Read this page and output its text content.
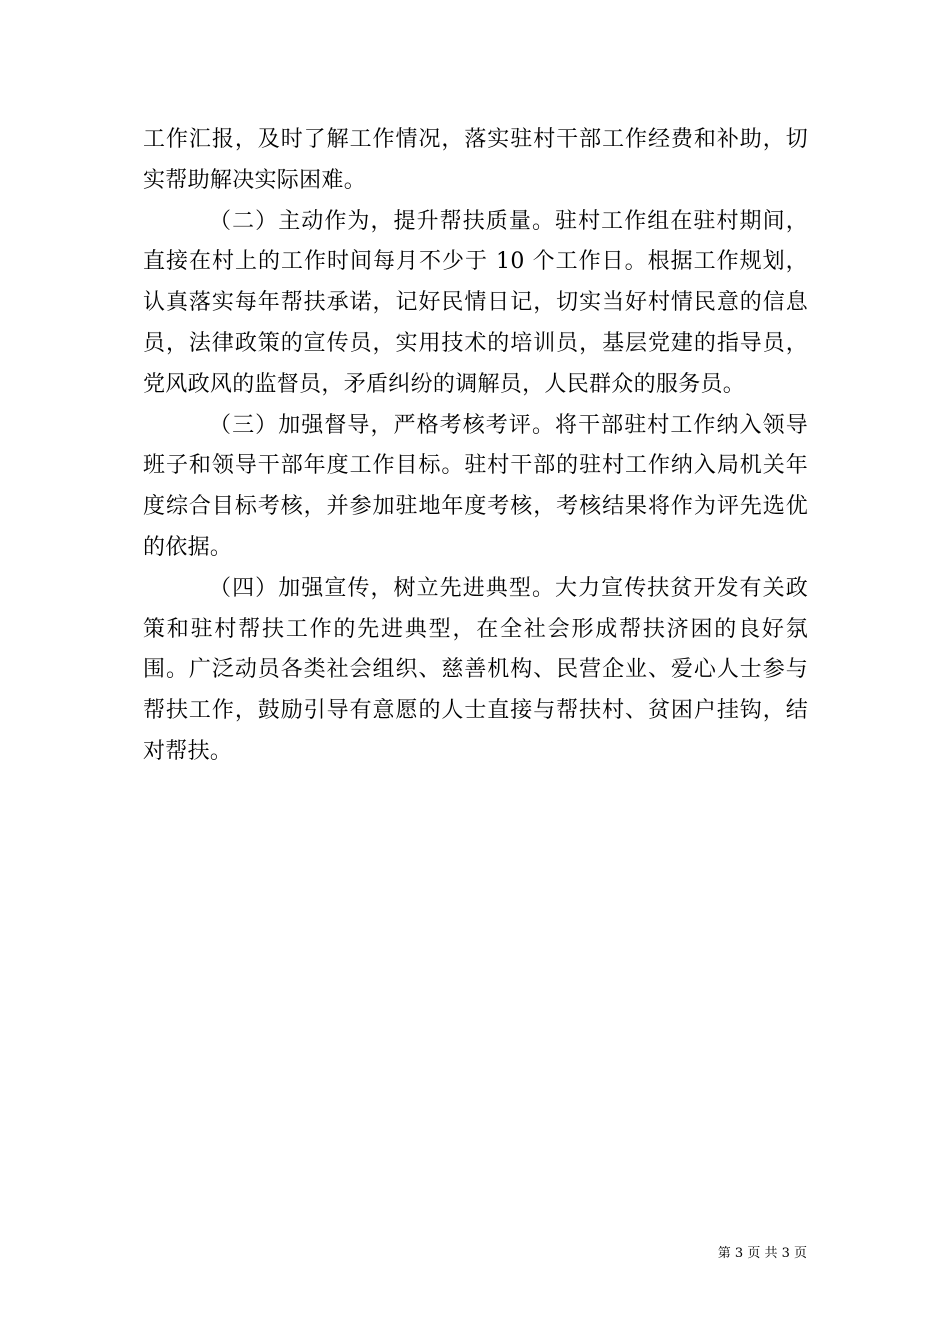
工作汇报，及时了解工作情况，落实驻村干部工作经费和补助，切实帮助解决实际困难。

（二）主动作为，提升帮扶质量。驻村工作组在驻村期间，直接在村上的工作时间每月不少于 10 个工作日。根据工作规划，认真落实每年帮扶承诺，记好民情日记，切实当好村情民意的信息员，法律政策的宣传员，实用技术的培训员，基层党建的指导员，党风政风的监督员，矛盾纠纷的调解员，人民群众的服务员。

（三）加强督导，严格考核考评。将干部驻村工作纳入领导班子和领导干部年度工作目标。驻村干部的驻村工作纳入局机关年度综合目标考核，并参加驻地年度考核，考核结果将作为评先选优的依据。

（四）加强宣传，树立先进典型。大力宣传扶贫开发有关政策和驻村帮扶工作的先进典型，在全社会形成帮扶济困的良好氛围。广泛动员各类社会组织、慈善机构、民营企业、爱心人士参与帮扶工作，鼓励引导有意愿的人士直接与帮扶村、贫困户挂钩，结对帮扶。

第 3 页 共 3 页
